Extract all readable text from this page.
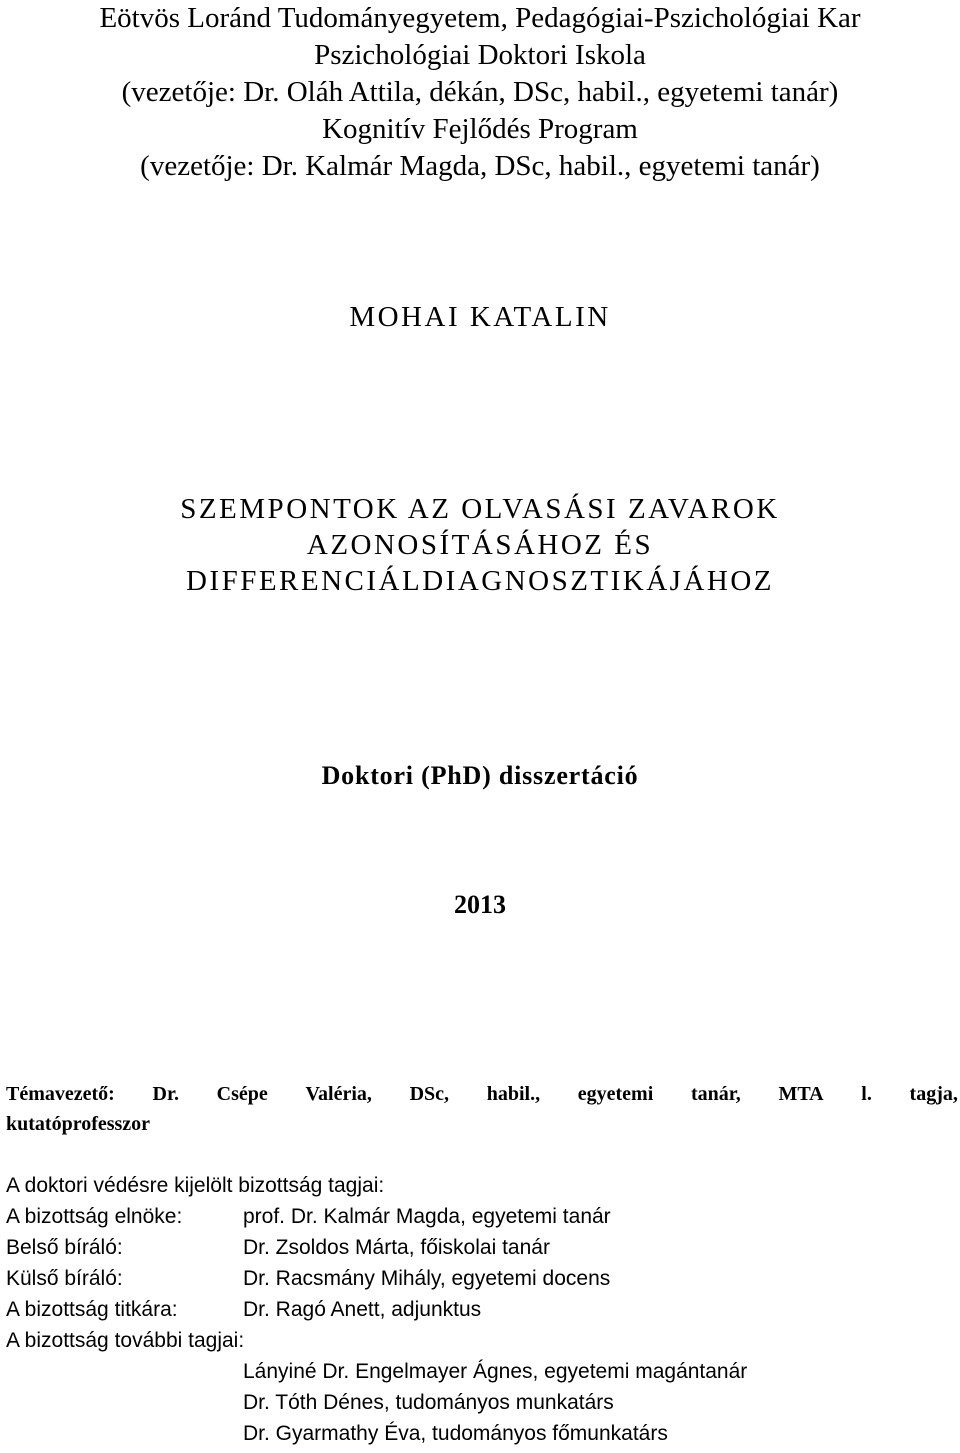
Eötvös Loránd Tudományegyetem, Pedagógiai-Pszichológiai Kar
Pszichológiai Doktori Iskola
(vezetője: Dr. Oláh Attila, dékán, DSc, habil., egyetemi tanár)
Kognitív Fejlődés Program
(vezetője: Dr. Kalmár Magda, DSc, habil., egyetemi tanár)
MOHAI KATALIN
SZEMPONTOK AZ OLVASÁSI ZAVAROK
AZONOSÍTÁSÁHOZ ÉS
DIFFERENCIÁLDIAGNOSZTIKÁJÁHOZ
Doktori (PhD) disszertáció
2013
Témavezető: Dr. Csépe Valéria, DSc, habil., egyetemi tanár, MTA l. tagja,
kutatóprofesszor
A doktori védésre kijelölt bizottság tagjai:
A bizottság elnöke:	prof. Dr. Kalmár Magda, egyetemi tanár
Belső bíráló:	Dr. Zsoldos Márta, főiskolai tanár
Külső bíráló:	Dr. Racsmány Mihály, egyetemi docens
A bizottság titkára:	Dr. Ragó Anett, adjunktus
A bizottság további tagjai:
Lányiné Dr. Engelmayer Ágnes, egyetemi magántanár
Dr. Tóth Dénes, tudományos munkatárs
Dr. Gyarmathy Éva, tudományos főmunkatárs
